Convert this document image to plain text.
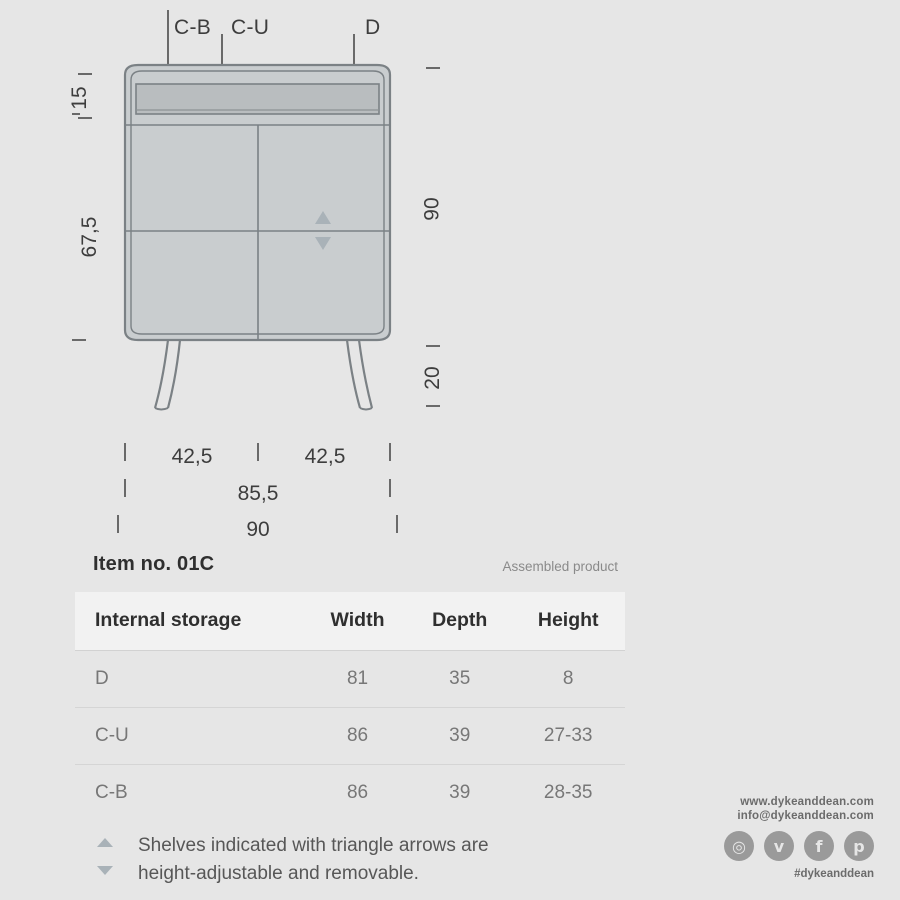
C-B C-U	D
15
67,5
90
20
42,5	42,5
85,5
90
Item no. 01C	Assembled product
Internal storage	Width	Depth	Height
D	81	35	8
C-U	86	39	27-33
C-B	86	39	28-35
Shelves indicated with triangle arrows are
height-adjustable and removable.
www.dykeanddean.com
info@dykeanddean.com
◎	ᴠ	f	р
#dykeanddean
